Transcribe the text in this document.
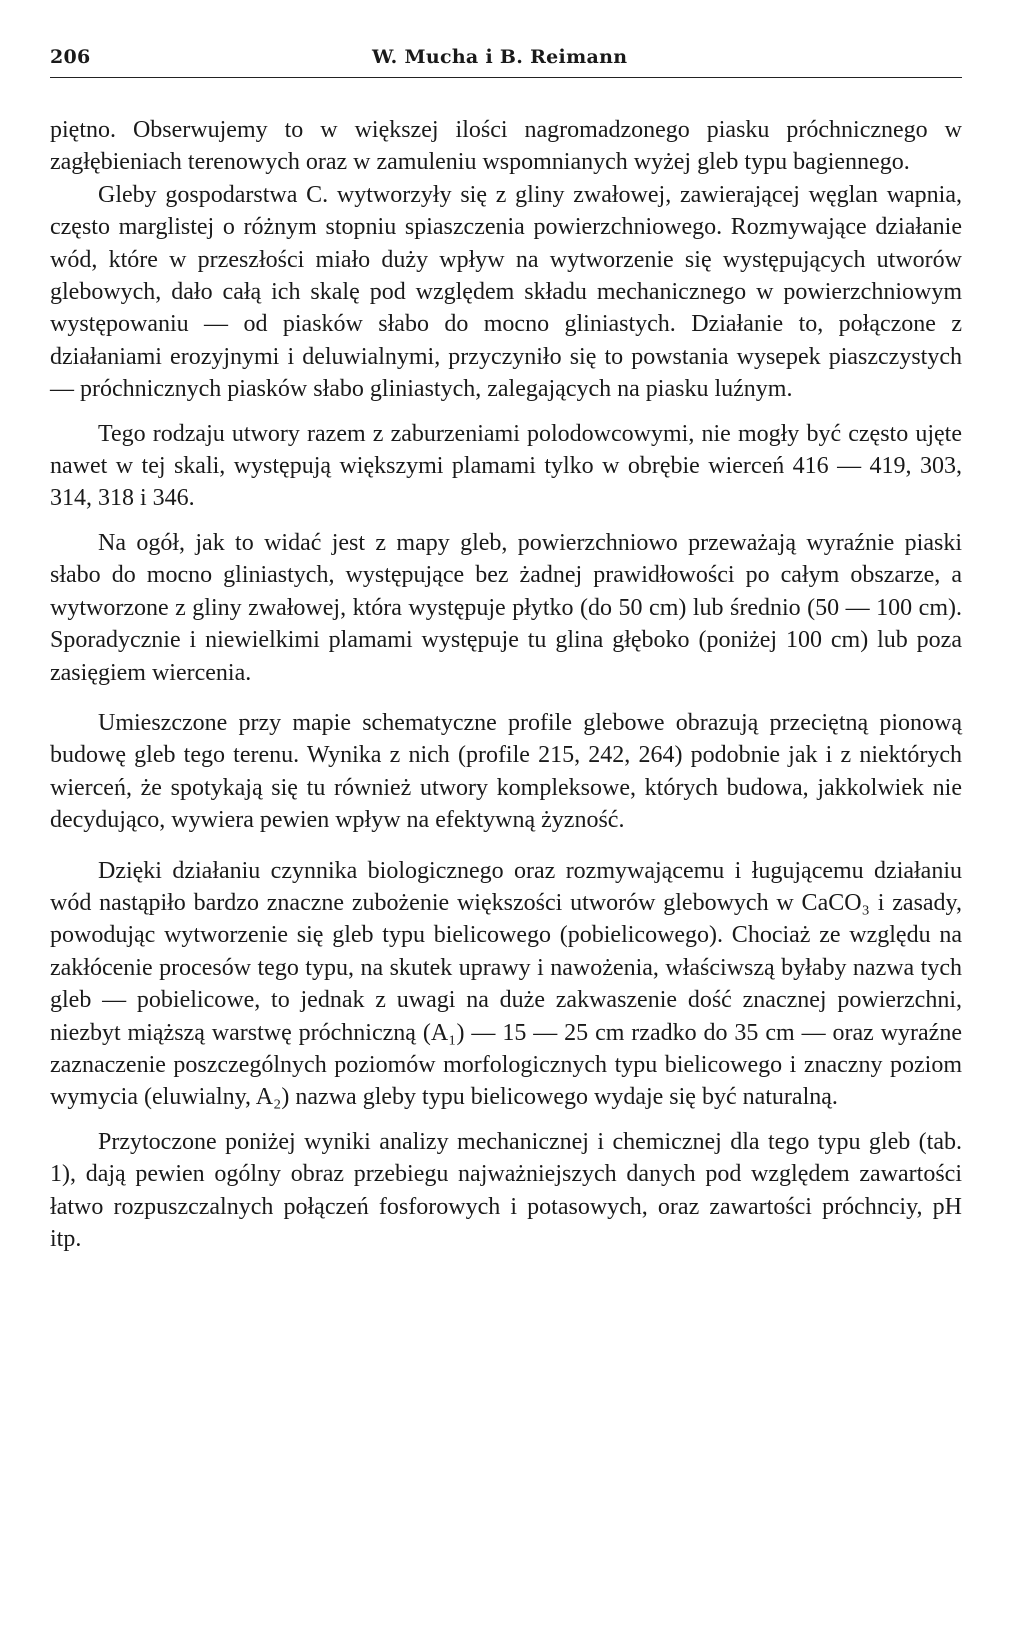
206	W. Mucha i B. Reimann

piętno. Obserwujemy to w większej ilości nagromadzonego piasku próchnicznego w zagłębieniach terenowych oraz w zamuleniu wspomnianych wyżej gleb typu bagiennego.

Gleby gospodarstwa C. wytworzyły się z gliny zwałowej, zawierającej węglan wapnia, często marglistej o różnym stopniu spiaszczenia powierzchniowego. Rozmywające działanie wód, które w przeszłości miało duży wpływ na wytworzenie się występujących utworów glebowych, dało całą ich skalę pod względem składu mechanicznego w powierzchniowym występowaniu — od piasków słabo do mocno gliniastych. Działanie to, połączone z działaniami erozyjnymi i deluwialnymi, przyczyniło się to powstania wysepek piaszczystych — próchnicznych piasków słabo gliniastych, zalegających na piasku luźnym.

Tego rodzaju utwory razem z zaburzeniami polodowcowymi, nie mogły być często ujęte nawet w tej skali, występują większymi plamami tylko w obrębie wierceń 416 — 419, 303, 314, 318 i 346.

Na ogół, jak to widać jest z mapy gleb, powierzchniowo przeważają wyraźnie piaski słabo do mocno gliniastych, występujące bez żadnej prawidłowości po całym obszarze, a wytworzone z gliny zwałowej, która występuje płytko (do 50 cm) lub średnio (50 — 100 cm). Sporadycznie i niewielkimi plamami występuje tu glina głęboko (poniżej 100 cm) lub poza zasięgiem wiercenia.

Umieszczone przy mapie schematyczne profile glebowe obrazują przeciętną pionową budowę gleb tego terenu. Wynika z nich (profile 215, 242, 264) podobnie jak i z niektórych wierceń, że spotykają się tu również utwory kompleksowe, których budowa, jakkolwiek nie decydująco, wywiera pewien wpływ na efektywną żyzność.

Dzięki działaniu czynnika biologicznego oraz rozmywającemu i ługującemu działaniu wód nastąpiło bardzo znaczne zubożenie większości utworów glebowych w CaCO₃ i zasady, powodując wytworzenie się gleb typu bielicowego (pobielicowego). Chociaż ze względu na zakłócenie procesów tego typu, na skutek uprawy i nawożenia, właściwszą byłaby nazwa tych gleb — pobielicowe, to jednak z uwagi na duże zakwaszenie dość znacznej powierzchni, niezbyt miąższą warstwę próchniczną (A₁) — 15 — 25 cm rzadko do 35 cm — oraz wyraźne zaznaczenie poszczególnych poziomów morfologicznych typu bielicowego i znaczny poziom wymycia (eluwialny, A₂) nazwa gleby typu bielicowego wydaje się być naturalną.

Przytoczone poniżej wyniki analizy mechanicznej i chemicznej dla tego typu gleb (tab. 1), dają pewien ogólny obraz przebiegu najważniejszych danych pod względem zawartości łatwo rozpuszczalnych połączeń fosforowych i potasowych, oraz zawartości próchnciy, pH itp.
